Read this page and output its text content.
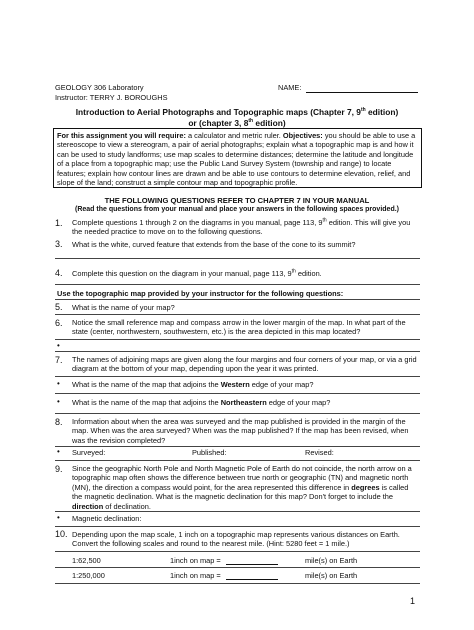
GEOLOGY 306 Laboratory
Instructor: TERRY J. BOROUGHS
NAME:
Introduction to Aerial Photographs and Topographic maps (Chapter 7, 9th edition)
or (chapter 3, 8th edition)
For this assignment you will require: a calculator and metric ruler. Objectives: you should be able to use a stereoscope to view a stereogram, a pair of aerial photographs; explain what a topographic map is and how it can be used to study landforms; use map scales to determine distances; determine the latitude and longitude of a place from a topographic map; use the Public Land Survey System (township and range) to locate features; explain how contour lines are drawn and be able to use contours to determine elevation, relief, and slope of the land; construct a simple contour map and topographic profile.
THE FOLLOWING QUESTIONS REFER TO CHAPTER 7 IN YOUR MANUAL
(Read the questions from your manual and place your answers in the following spaces provided.)
1. Complete questions 1 through 2 on the diagrams in you manual, page 113, 9th edition. This will give you the needed practice to move on to the following questions.
3. What is the white, curved feature that extends from the base of the cone to its summit?
4. Complete this question on the diagram in your manual, page 113, 9th edition.
Use the topographic map provided by your instructor for the following questions:
5. What is the name of your map?
6. Notice the small reference map and compass arrow in the lower margin of the map. In what part of the state (center, northwestern, southwestern, etc.) is the area depicted in this map located?
•
7. The names of adjoining maps are given along the four margins and four corners of your map, or via a grid diagram at the bottom of your map, depending upon the year it was printed.
• What is the name of the map that adjoins the Western edge of your map?
• What is the name of the map that adjoins the Northeastern edge of your map?
8. Information about when the area was surveyed and the map published is provided in the margin of the map. When was the area surveyed? When was the map published? If the map has been revised, when was the revision completed?
• Surveyed:	Published:	Revised:
9. Since the geographic North Pole and North Magnetic Pole of Earth do not coincide, the north arrow on a topographic map often shows the difference between true north or geographic (TN) and magnetic north (MN), the direction a compass would point, for the area represented this difference in degrees is called the magnetic declination. What is the magnetic declination for this map? Don't forget to include the direction of declination.
• Magnetic declination:
10. Depending upon the map scale, 1 inch on a topographic map represents various distances on Earth. Convert the following scales and round to the nearest mile. (Hint: 5280 feet = 1 mile.)
1:62,500	1inch on map =	mile(s) on Earth
1:250,000	1inch on map =	mile(s) on Earth
1
